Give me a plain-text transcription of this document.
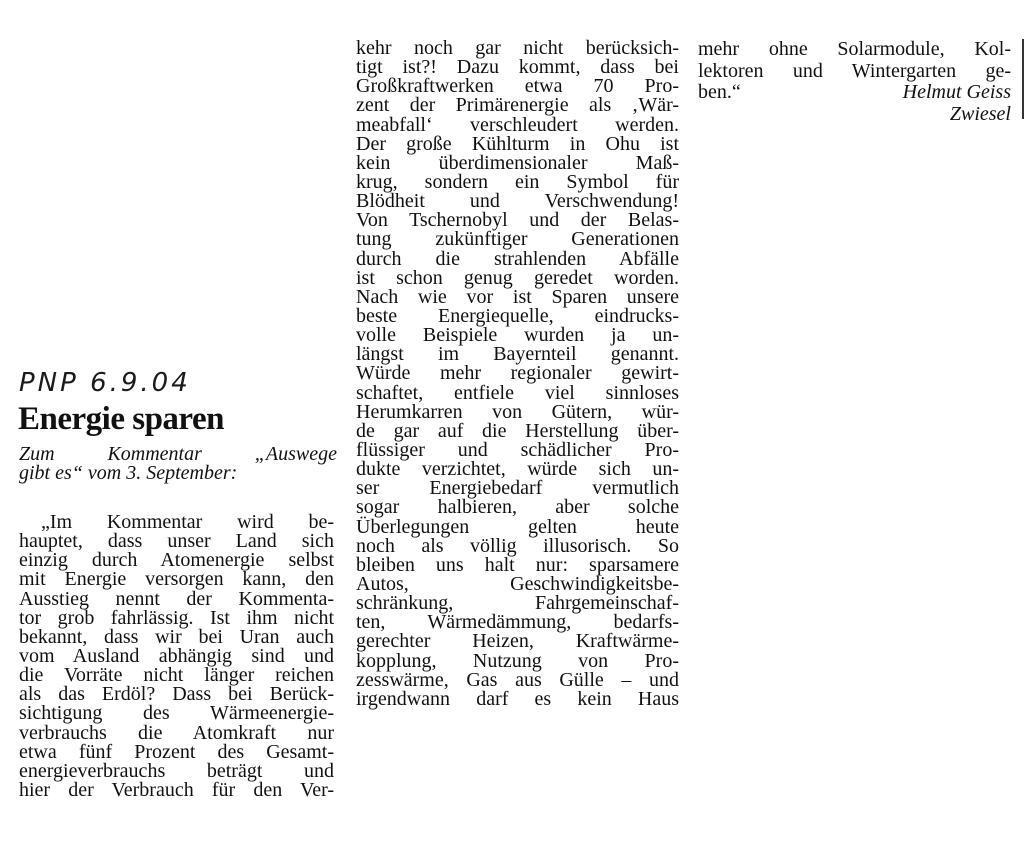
PNP 6.9.04
Energie sparen
Zum Kommentar „Auswege
gibt es“ vom 3. September:
„Im Kommentar wird be-
hauptet, dass unser Land sich
einzig durch Atomenergie selbst
mit Energie versorgen kann, den
Ausstieg nennt der Kommenta-
tor grob fahrlässig. Ist ihm nicht
bekannt, dass wir bei Uran auch
vom Ausland abhängig sind und
die Vorräte nicht länger reichen
als das Erdöl? Dass bei Berück-
sichtigung des Wärmeenergie-
verbrauchs die Atomkraft nur
etwa fünf Prozent des Gesamt-
energieverbrauchs beträgt und
hier der Verbrauch für den Ver-
kehr noch gar nicht berücksich-
tigt ist?! Dazu kommt, dass bei
Großkraftwerken etwa 70 Pro-
zent der Primärenergie als ‚Wär-
meabfall‘ verschleudert werden.
Der große Kühlturm in Ohu ist
kein überdimensionaler Maß-
krug, sondern ein Symbol für
Blödheit und Verschwendung!
Von Tschernobyl und der Belas-
tung zukünftiger Generationen
durch die strahlenden Abfälle
ist schon genug geredet worden.
Nach wie vor ist Sparen unsere
beste Energiequelle, eindrucks-
volle Beispiele wurden ja un-
längst im Bayernteil genannt.
Würde mehr regionaler gewirt-
schaftet, entfiele viel sinnloses
Herumkarren von Gütern, wür-
de gar auf die Herstellung über-
flüssiger und schädlicher Pro-
dukte verzichtet, würde sich un-
ser Energiebedarf vermutlich
sogar halbieren, aber solche
Überlegungen gelten heute
noch als völlig illusorisch. So
bleiben uns halt nur: sparsamere
Autos, Geschwindigkeitsbe-
schränkung, Fahrgemeinschaf-
ten, Wärmedämmung, bedarfs-
gerechter Heizen, Kraftwärme-
kopplung, Nutzung von Pro-
zesswärme, Gas aus Gülle – und
irgendwann darf es kein Haus
mehr ohne Solarmodule, Kol-
lektoren und Wintergarten ge-
ben.“	Helmut Geiss
Zwiesel
